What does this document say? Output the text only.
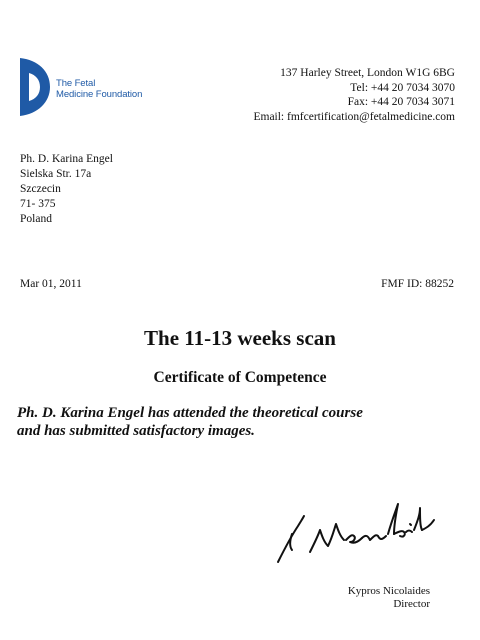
The Fetal
Medicine Foundation
137 Harley Street, London W1G 6BG
Tel: +44 20 7034 3070
Fax: +44 20 7034 3071
Email: fmfcertification@fetalmedicine.com
Ph. D. Karina Engel
Sielska Str. 17a
Szczecin
71- 375
Poland
Mar 01, 2011	FMF ID: 88252
The 11-13 weeks scan
Certificate of Competence
Ph. D. Karina Engel has attended the theoretical course
and has submitted satisfactory images.
Kypros Nicolaides
Director
